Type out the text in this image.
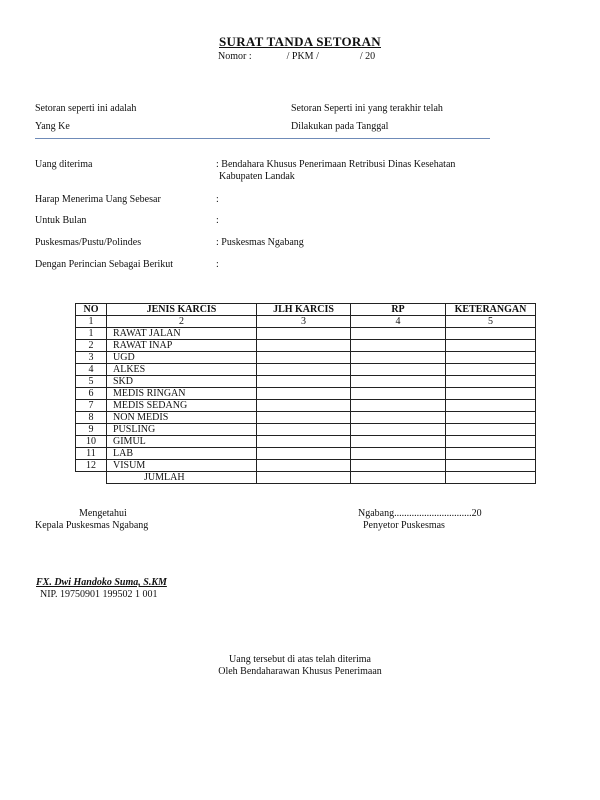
SURAT TANDA SETORAN
Nomor :	/ PKM /	/ 20
Setoran seperti ini adalah
Yang Ke
Setoran Seperti ini yang terakhir telah
Dilakukan pada Tanggal
Uang diterima	: Bendahara Khusus Penerimaan Retribusi Dinas Kesehatan
Kabupaten Landak
Harap Menerima Uang Sebesar	:
Untuk Bulan	:
Puskesmas/Pustu/Polindes	: Puskesmas Ngabang
Dengan Perincian Sebagai Berikut	:
NO	JENIS KARCIS	JLH KARCIS	RP	KETERANGAN
1	2	3	4	5
1	RAWAT JALAN			
2	RAWAT INAP			
3	UGD			
4	ALKES			
5	SKD			
6	MEDIS RINGAN			
7	MEDIS SEDANG			
8	NON MEDIS			
9	PUSLING			
10	GIMUL			
11	LAB			
12	VISUM			
	JUMLAH			
Mengetahui
Kepala Puskesmas Ngabang
Ngabang...............................20
Penyetor Puskesmas
FX. Dwi Handoko Suma, S.KM
NIP. 19750901 199502 1 001
Uang tersebut di atas telah diterima
Oleh Bendaharawan Khusus Penerimaan
